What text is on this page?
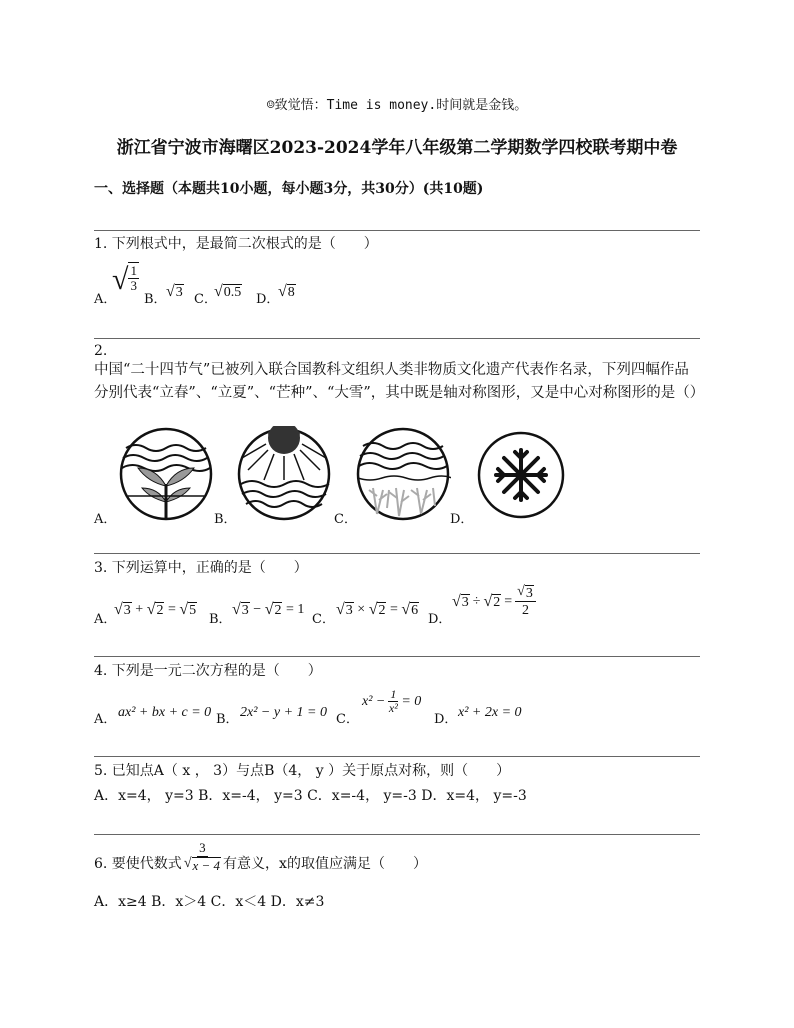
☺致觉悟：Time is money.时间就是金钱。
浙江省宁波市海曙区2023-2024学年八年级第二学期数学四校联考期中卷
一、选择题（本题共10小题，每小题3分，共30分）(共10题)
1. 下列根式中，是最简二次根式的是（　　）
A．
√ $\frac{1}{3}$
B． √ 3 C．
√ 0.5 D．
√ 8
2.
中国“二十四节气”已被列入联合国教科文组织人类非物质文化遗产代表作名录，下列四幅作品分别代表“立春”、“立夏”、“芒种”、“大雪”，其中既是轴对称图形，又是中心对称图形的是（）
A．	B．	C．	D．
3. 下列运算中，正确的是（　　）
A．
√ 3 + √ 2 = √ 5
B．
√ 3 − √ 2 = 1
C．
√ 3 × √ 2 = √ 6
D．
√ 3 ÷ √ $2 = \frac{√ 3}{2}$
4. 下列是一元二次方程的是（　　）
A． ax² + bx + c = 0 B． 2x² − y + 1 = 0 C．
$x^2 - \frac{1}{\text{x²}} = 0$
D． x² + 2x = 0
5. 已知点A（ x ， 3）与点B（4， y ）关于原点对称，则（　　）
A．x=4， y=3 B．x=-4， y=3 C．x=-4， y=-3 D．x=4， y=-3
6. 要使代数式 $\frac{3}{√ x - 4}$ 有意义，x的取值应满足（　　）
A．x≥4 B．x＞4 C．x＜4 D．x≠3
